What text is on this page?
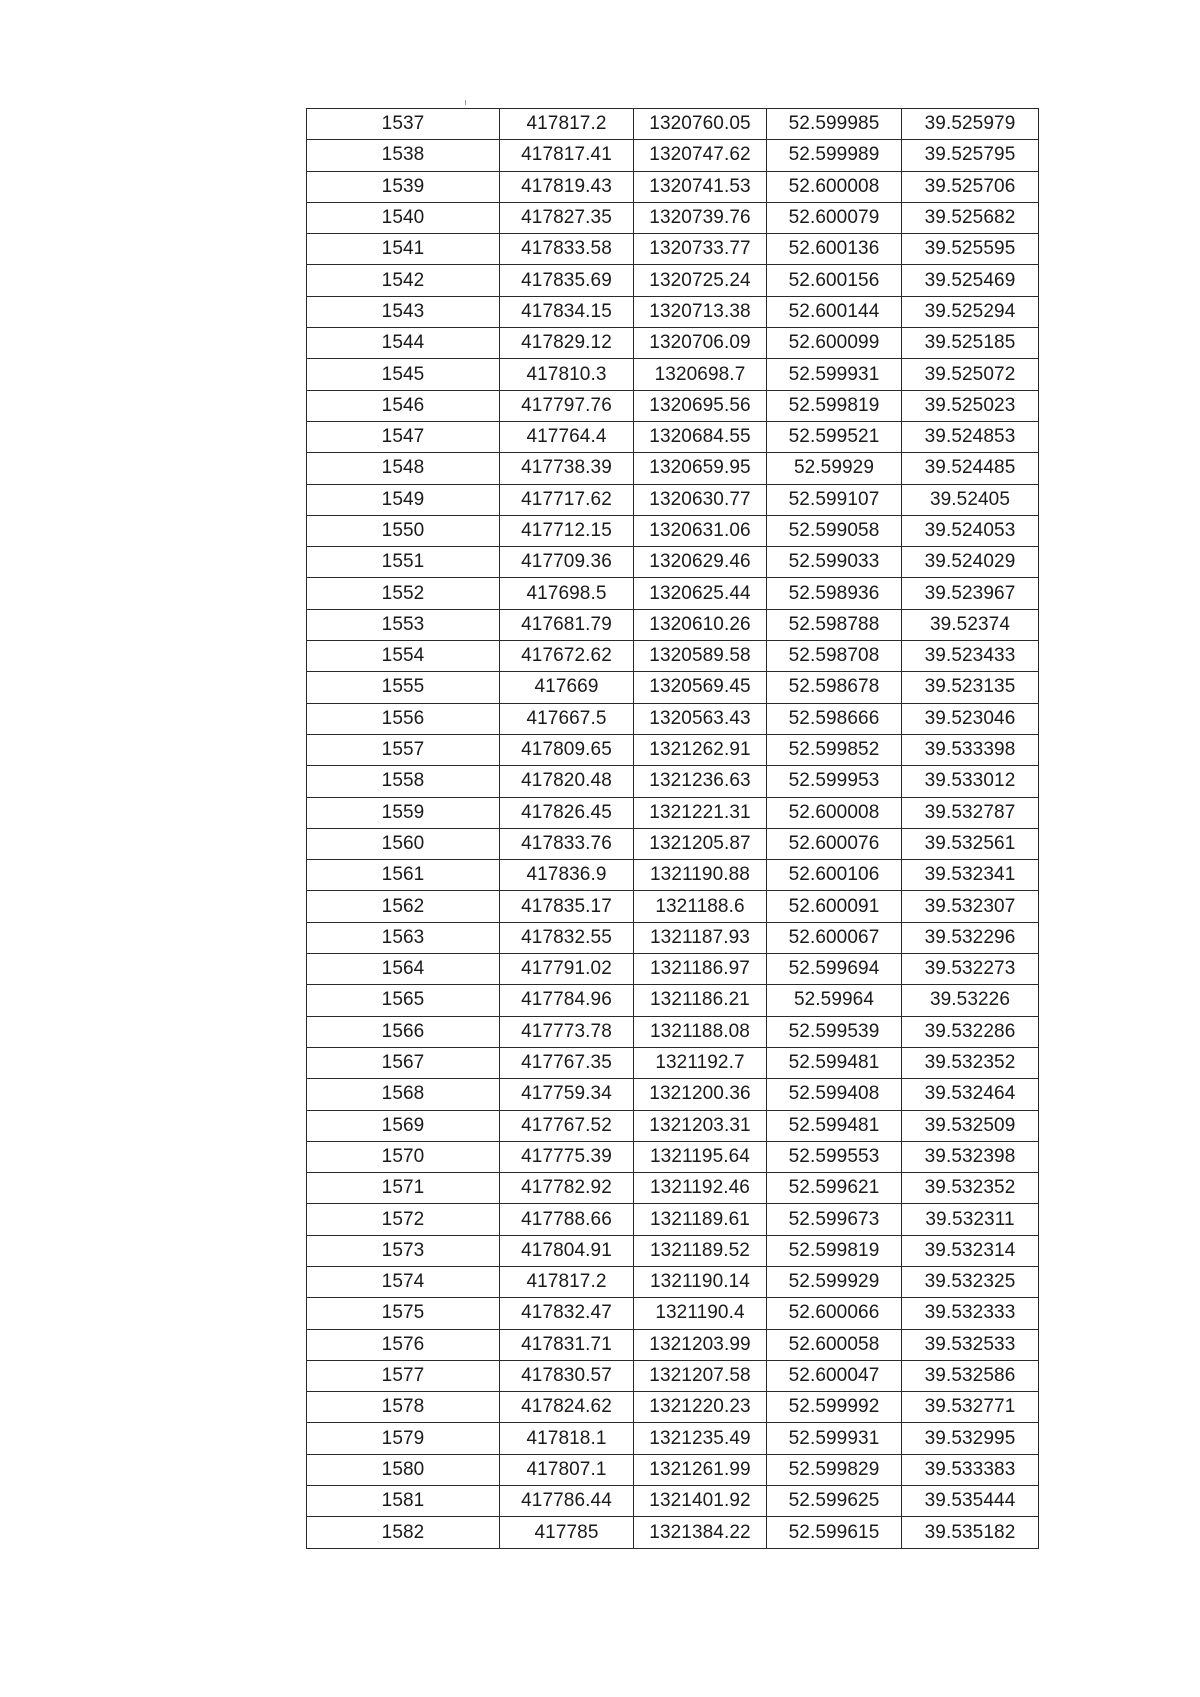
1537	417817.2	1320760.05	52.599985	39.525979
1538	417817.41	1320747.62	52.599989	39.525795
1539	417819.43	1320741.53	52.600008	39.525706
1540	417827.35	1320739.76	52.600079	39.525682
1541	417833.58	1320733.77	52.600136	39.525595
1542	417835.69	1320725.24	52.600156	39.525469
1543	417834.15	1320713.38	52.600144	39.525294
1544	417829.12	1320706.09	52.600099	39.525185
1545	417810.3	1320698.7	52.599931	39.525072
1546	417797.76	1320695.56	52.599819	39.525023
1547	417764.4	1320684.55	52.599521	39.524853
1548	417738.39	1320659.95	52.59929	39.524485
1549	417717.62	1320630.77	52.599107	39.52405
1550	417712.15	1320631.06	52.599058	39.524053
1551	417709.36	1320629.46	52.599033	39.524029
1552	417698.5	1320625.44	52.598936	39.523967
1553	417681.79	1320610.26	52.598788	39.52374
1554	417672.62	1320589.58	52.598708	39.523433
1555	417669	1320569.45	52.598678	39.523135
1556	417667.5	1320563.43	52.598666	39.523046
1557	417809.65	1321262.91	52.599852	39.533398
1558	417820.48	1321236.63	52.599953	39.533012
1559	417826.45	1321221.31	52.600008	39.532787
1560	417833.76	1321205.87	52.600076	39.532561
1561	417836.9	1321190.88	52.600106	39.532341
1562	417835.17	1321188.6	52.600091	39.532307
1563	417832.55	1321187.93	52.600067	39.532296
1564	417791.02	1321186.97	52.599694	39.532273
1565	417784.96	1321186.21	52.59964	39.53226
1566	417773.78	1321188.08	52.599539	39.532286
1567	417767.35	1321192.7	52.599481	39.532352
1568	417759.34	1321200.36	52.599408	39.532464
1569	417767.52	1321203.31	52.599481	39.532509
1570	417775.39	1321195.64	52.599553	39.532398
1571	417782.92	1321192.46	52.599621	39.532352
1572	417788.66	1321189.61	52.599673	39.532311
1573	417804.91	1321189.52	52.599819	39.532314
1574	417817.2	1321190.14	52.599929	39.532325
1575	417832.47	1321190.4	52.600066	39.532333
1576	417831.71	1321203.99	52.600058	39.532533
1577	417830.57	1321207.58	52.600047	39.532586
1578	417824.62	1321220.23	52.599992	39.532771
1579	417818.1	1321235.49	52.599931	39.532995
1580	417807.1	1321261.99	52.599829	39.533383
1581	417786.44	1321401.92	52.599625	39.535444
1582	417785	1321384.22	52.599615	39.535182
